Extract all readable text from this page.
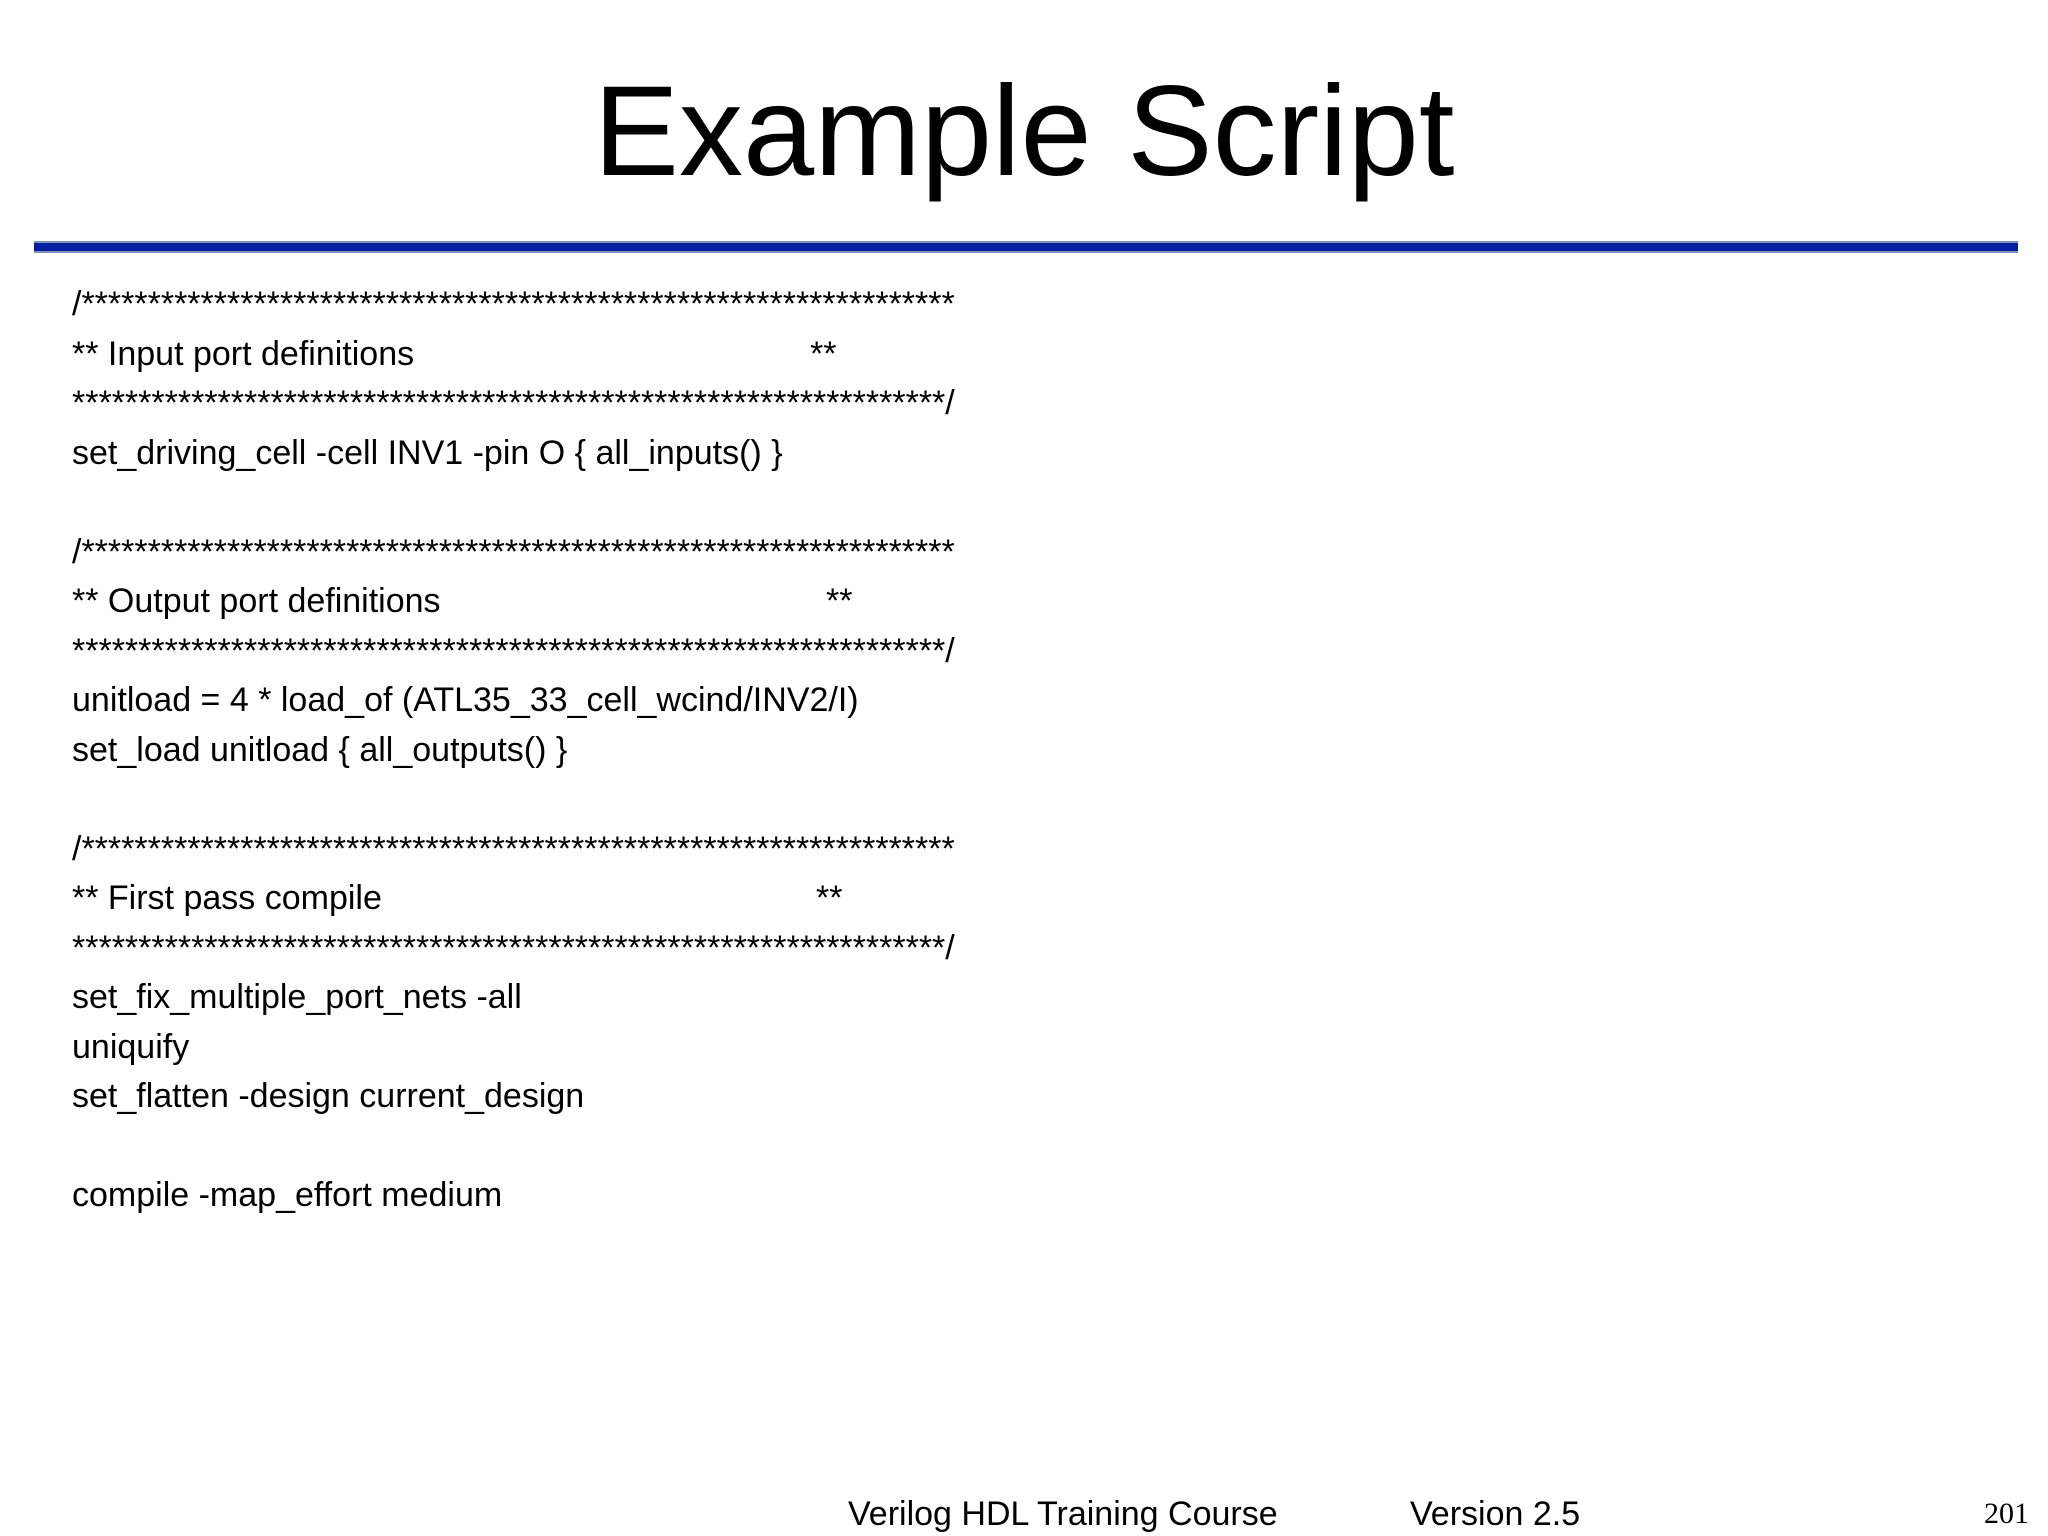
Example Script
/******************************************************************
** Input port definitions	**
******************************************************************/
set_driving_cell -cell INV1 -pin O { all_inputs() }
/******************************************************************
** Output port definitions	**
******************************************************************/
unitload = 4 * load_of (ATL35_33_cell_wcind/INV2/I)
set_load unitload { all_outputs() }
/******************************************************************
** First pass compile	**
******************************************************************/
set_fix_multiple_port_nets -all
uniquify
set_flatten -design current_design
compile -map_effort medium
Verilog HDL Training Course	Version 2.5	201
